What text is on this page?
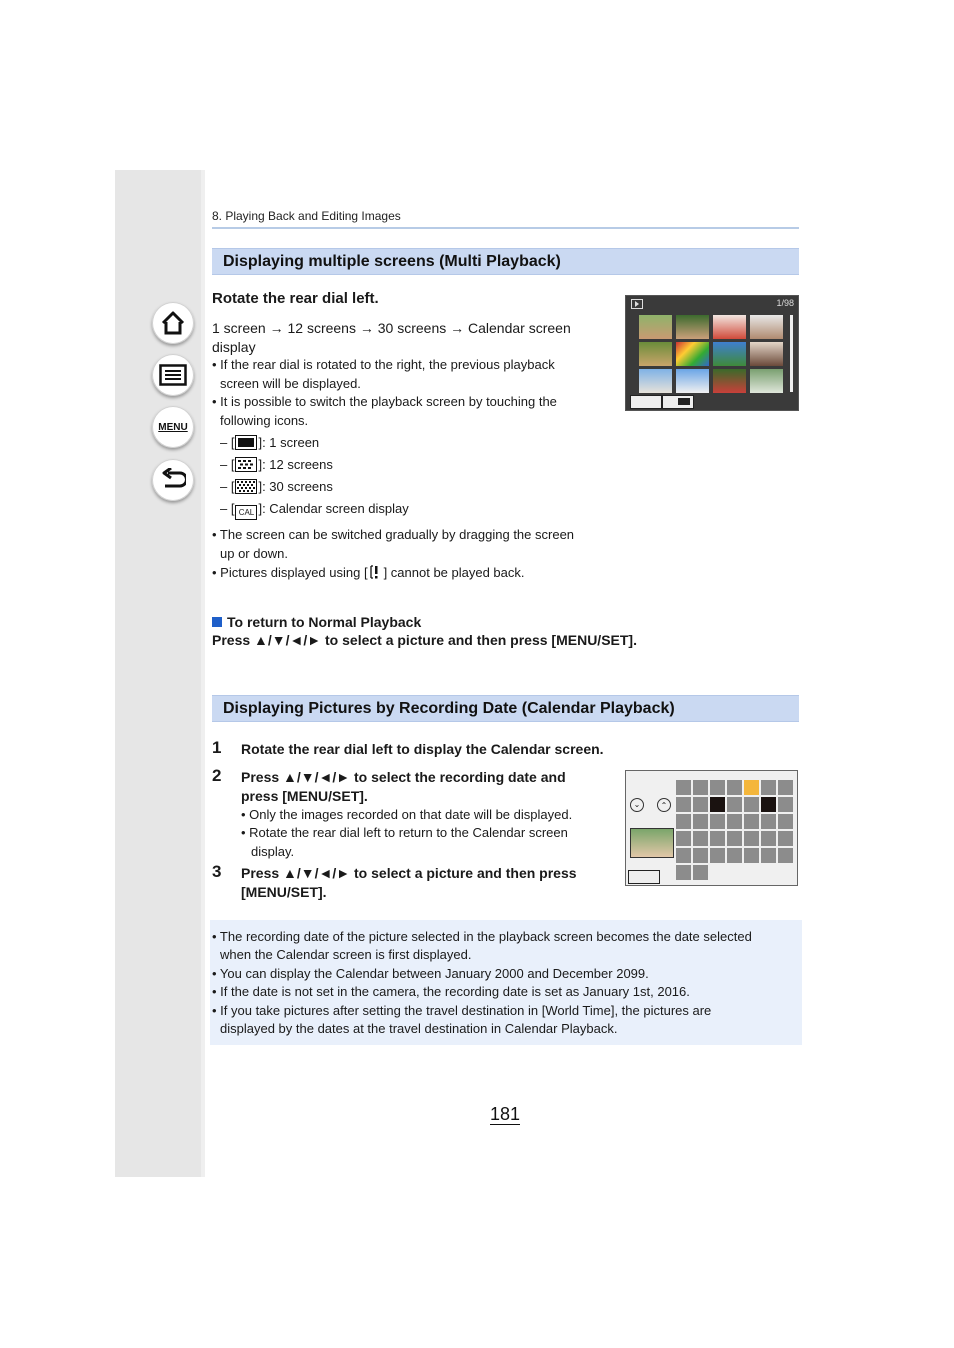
MENU
8. Playing Back and Editing Images
Displaying multiple screens (Multi Playback)
Rotate the rear dial left.
1 screen → 12 screens → 30 screens → Calendar screen
display
• If the rear dial is rotated to the right, the previous playback
screen will be displayed.
• It is possible to switch the playback screen by touching the
following icons.
– [ ]: 1 screen
– [ ]: 12 screens
– [ ]: 30 screens
– [ CAL ]: Calendar screen display
• The screen can be switched gradually by dragging the screen
up or down.
• Pictures displayed using [ ] cannot be played back.
To return to Normal Playback
Press ▲/▼/◄/► to select a picture and then press [MENU/SET].
1/98
Displaying Pictures by Recording Date (Calendar Playback)
1 Rotate the rear dial left to display the Calendar screen.
2 Press ▲/▼/◄/► to select the recording date and
press [MENU/SET].
• Only the images recorded on that date will be displayed.
• Rotate the rear dial left to return to the Calendar screen
display.
3 Press ▲/▼/◄/► to select a picture and then press
[MENU/SET].
⌄	⌃
• The recording date of the picture selected in the playback screen becomes the date selected
when the Calendar screen is first displayed.
• You can display the Calendar between January 2000 and December 2099.
• If the date is not set in the camera, the recording date is set as January 1st, 2016.
• If you take pictures after setting the travel destination in [World Time], the pictures are
displayed by the dates at the travel destination in Calendar Playback.
181
